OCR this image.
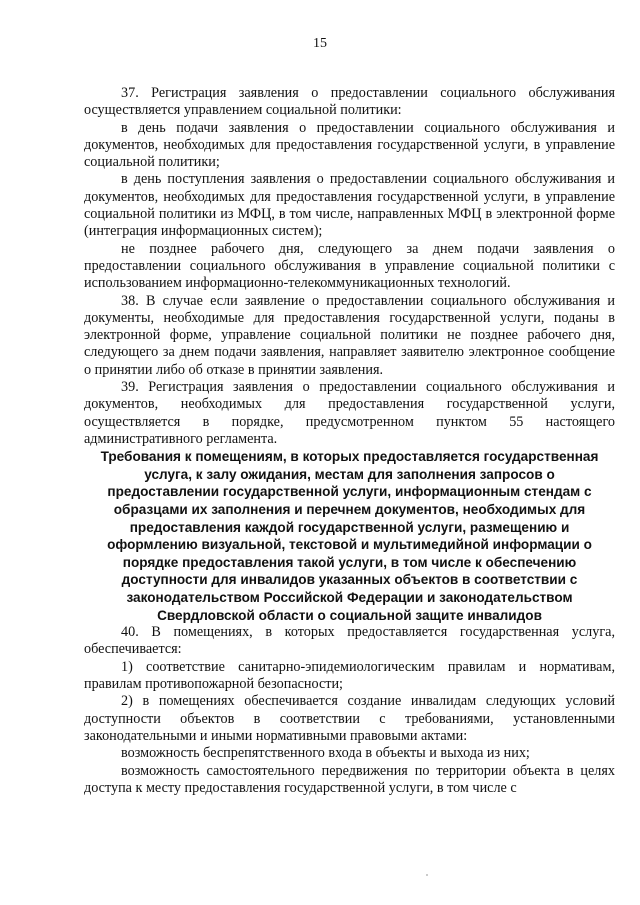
15

37. Регистрация заявления о предоставлении социального обслуживания осуществляется управлением социальной политики:

в день подачи заявления о предоставлении социального обслуживания и документов, необходимых для предоставления государственной услуги, в управление социальной политики;

в день поступления заявления о предоставлении социального обслуживания и документов, необходимых для предоставления государственной услуги, в управление социальной политики из МФЦ, в том числе, направленных МФЦ в электронной форме (интеграция информационных систем);

не позднее рабочего дня, следующего за днем подачи заявления о предоставлении социального обслуживания в управление социальной политики с использованием информационно-телекоммуникационных технологий.

38. В случае если заявление о предоставлении социального обслуживания и документы, необходимые для предоставления государственной услуги, поданы в электронной форме, управление социальной политики не позднее рабочего дня, следующего за днем подачи заявления, направляет заявителю электронное сообщение о принятии либо об отказе в принятии заявления.

39. Регистрация заявления о предоставлении социального обслуживания и документов, необходимых для предоставления государственной услуги, осуществляется в порядке, предусмотренном пунктом 55 настоящего административного регламента.

Требования к помещениям, в которых предоставляется государственная услуга, к залу ожидания, местам для заполнения запросов о предоставлении государственной услуги, информационным стендам с образцами их заполнения и перечнем документов, необходимых для предоставления каждой государственной услуги, размещению и оформлению визуальной, текстовой и мультимедийной информации о порядке предоставления такой услуги, в том числе к обеспечению доступности для инвалидов указанных объектов в соответствии с законодательством Российской Федерации и законодательством Свердловской области о социальной защите инвалидов

40. В помещениях, в которых предоставляется государственная услуга, обеспечивается:

1) соответствие санитарно-эпидемиологическим правилам и нормативам, правилам противопожарной безопасности;

2) в помещениях обеспечивается создание инвалидам следующих условий доступности объектов в соответствии с требованиями, установленными законодательными и иными нормативными правовыми актами:

возможность беспрепятственного входа в объекты и выхода из них;

возможность самостоятельного передвижения по территории объекта в целях доступа к месту предоставления государственной услуги, в том числе с
